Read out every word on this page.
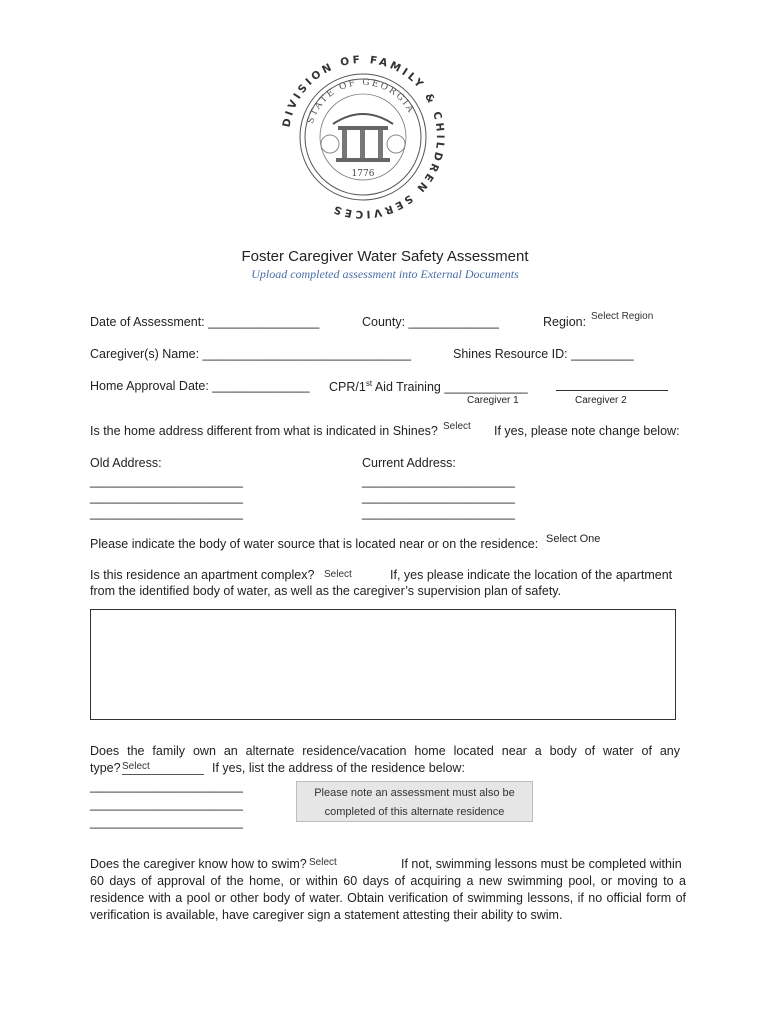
DIVISION OF FAMILY & CHILDREN SERVICES
STATE OF GEORGIA
1776
Foster Caregiver Water Safety Assessment
Upload completed assessment into External Documents
Date of Assessment: ________________	County: _____________	Region: Select Region
Caregiver(s) Name: ______________________________	Shines Resource ID: _________
Home Approval Date: ______________ CPR/1st Aid Training ____________
Caregiver 1	Caregiver 2
Is the home address different from what is indicated in Shines? Select If yes, please note change below:
Old Address:	Current Address:
______________________
______________________
______________________
______________________
______________________
______________________
Please indicate the body of water source that is located near or on the residence: Select One
Is this residence an apartment complex? Select	If, yes please indicate the location of the apartment
from the identified body of water, as well as the caregiver’s supervision plan of safety.
Does the family own an alternate residence/vacation home located near a body of water of any
type? Select	If yes, list the address of the residence below:
______________________
______________________
______________________
Please note an assessment must also be
completed of this alternate residence
Does the caregiver know how to swim? Select	If not, swimming lessons must be completed within
60 days of approval of the home, or within 60 days of acquiring a new swimming pool, or moving to a residence with a pool or other body of water. Obtain verification of swimming lessons, if no official form of verification is available, have caregiver sign a statement attesting their ability to swim.
